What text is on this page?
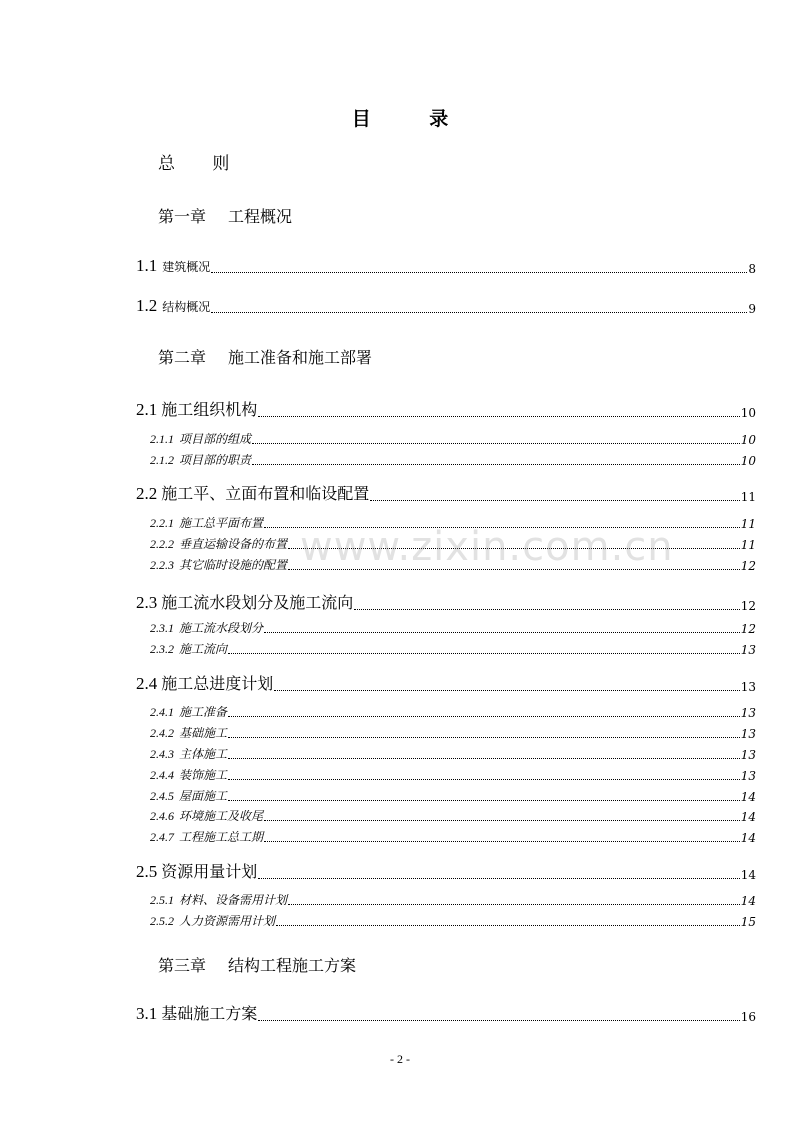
目 录
总 则
第一章 工程概况
1.1 建筑概况	8
1.2 结构概况	9
第二章 施工准备和施工部署
2.1 施工组织机构	10
2.1.1 项目部的组成	10
2.1.2 项目部的职责	10
2.2 施工平、立面布置和临设配置	11
2.2.1 施工总平面布置	11
2.2.2 垂直运输设备的布置	11
2.2.3 其它临时设施的配置	12
2.3 施工流水段划分及施工流向	12
2.3.1 施工流水段划分	12
2.3.2 施工流向	13
2.4 施工总进度计划	13
2.4.1 施工准备	13
2.4.2 基础施工	13
2.4.3 主体施工	13
2.4.4 装饰施工	13
2.4.5 屋面施工	14
2.4.6 环境施工及收尾	14
2.4.7 工程施工总工期	14
2.5 资源用量计划	14
2.5.1 材料、设备需用计划	14
2.5.2 人力资源需用计划	15
第三章 结构工程施工方案
3.1 基础施工方案	16
www.zixin.com.cn
- 2 -
